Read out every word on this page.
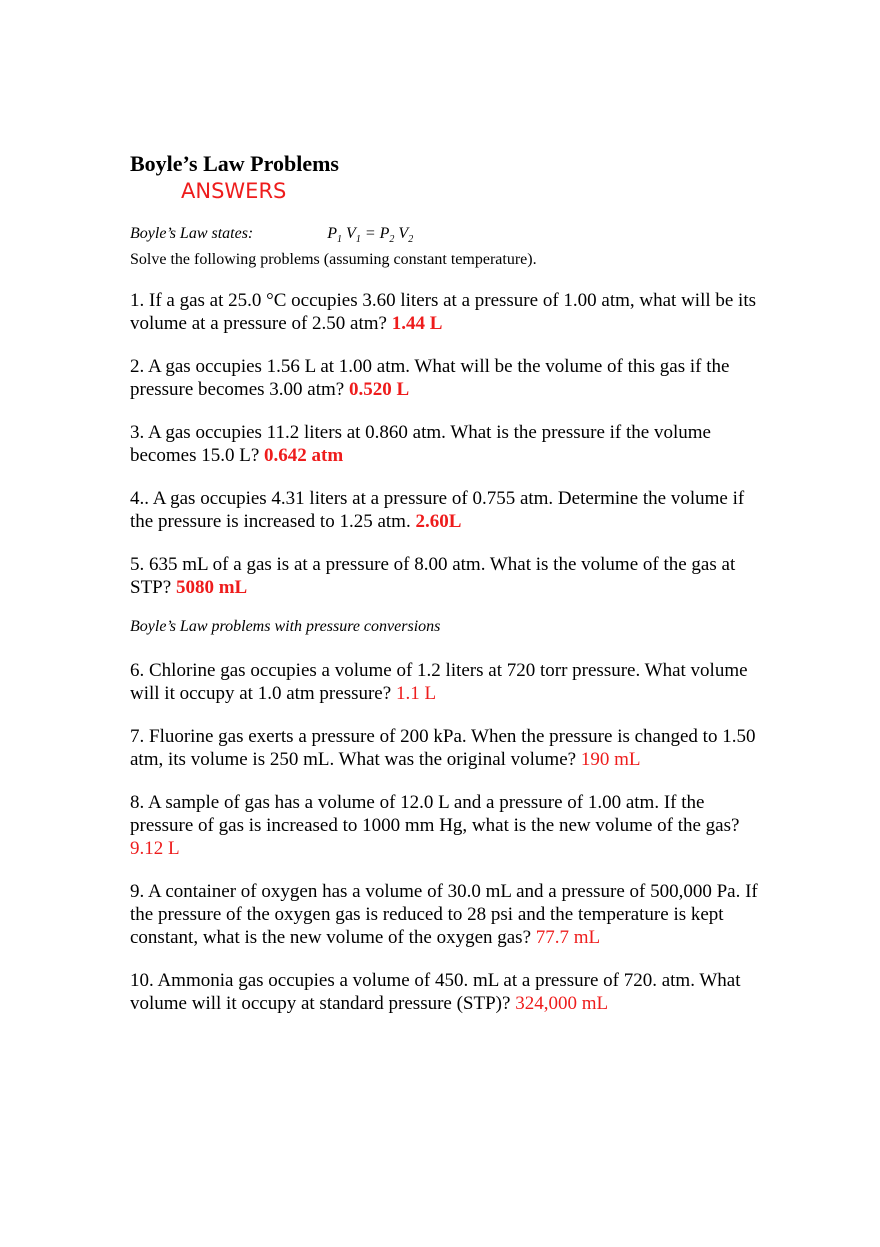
Boyle’s Law Problems
ANSWERS
Boyle’s Law states:	$P_1$ $V_1 = P_2$ $V_2$
Solve the following problems (assuming constant temperature).

1. If a gas at 25.0 °C occupies 3.60 liters at a pressure of 1.00 atm, what will be its volume at a pressure of 2.50 atm? 1.44 L

2. A gas occupies 1.56 L at 1.00 atm. What will be the volume of this gas if the pressure becomes 3.00 atm? 0.520 L

3. A gas occupies 11.2 liters at 0.860 atm. What is the pressure if the volume becomes 15.0 L? 0.642 atm

4.. A gas occupies 4.31 liters at a pressure of 0.755 atm. Determine the volume if the pressure is increased to 1.25 atm. 2.60L

5. 635 mL of a gas is at a pressure of 8.00 atm. What is the volume of the gas at STP? 5080 mL

Boyle’s Law problems with pressure conversions

6. Chlorine gas occupies a volume of 1.2 liters at 720 torr pressure. What volume will it occupy at 1.0 atm pressure? 1.1 L

7. Fluorine gas exerts a pressure of 200 kPa. When the pressure is changed to 1.50 atm, its volume is 250 mL. What was the original volume? 190 mL

8. A sample of gas has a volume of 12.0 L and a pressure of 1.00 atm. If the pressure of gas is increased to 1000 mm Hg, what is the new volume of the gas? 9.12 L

9. A container of oxygen has a volume of 30.0 mL and a pressure of 500,000 Pa. If the pressure of the oxygen gas is reduced to 28 psi and the temperature is kept constant, what is the new volume of the oxygen gas? 77.7 mL

10. Ammonia gas occupies a volume of 450. mL at a pressure of 720. atm. What volume will it occupy at standard pressure (STP)? 324,000 mL
